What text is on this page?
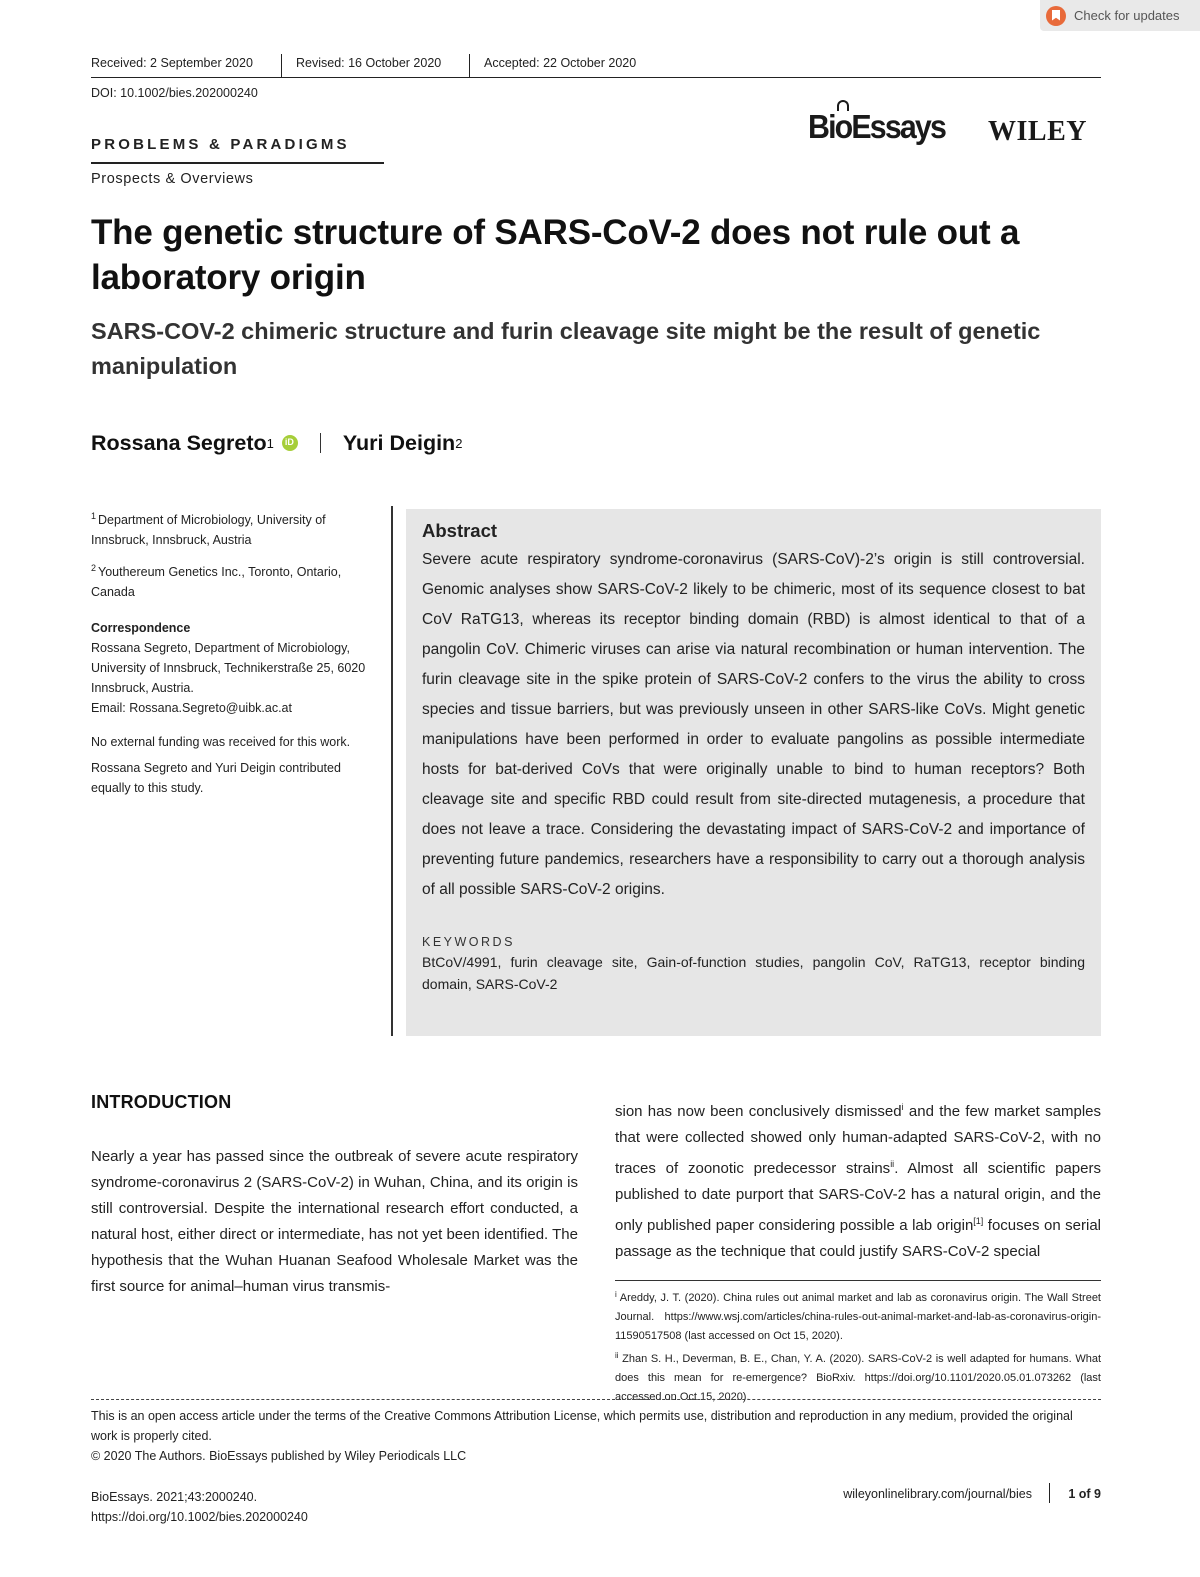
Check for updates
Received: 2 September 2020	Revised: 16 October 2020	Accepted: 22 October 2020
DOI: 10.1002/bies.202000240
PROBLEMS & PARADIGMS
Prospects & Overviews
BioEssays WILEY
The genetic structure of SARS-CoV-2 does not rule out a laboratory origin
SARS-COV-2 chimeric structure and furin cleavage site might be the result of genetic manipulation
Rossana Segreto 1
iD	Yuri Deigin 2
$^1$ Department of Microbiology, University of Innsbruck, Innsbruck, Austria
$^2$ Youthereum Genetics Inc., Toronto, Ontario, Canada
Correspondence
Rossana Segreto, Department of Microbiology, University of Innsbruck, Technikerstraße 25, 6020 Innsbruck, Austria.
Email: Rossana.Segreto@uibk.ac.at
No external funding was received for this work.
Rossana Segreto and Yuri Deigin contributed equally to this study.
Abstract
Severe acute respiratory syndrome-coronavirus (SARS-CoV)-2’s origin is still controversial. Genomic analyses show SARS-CoV-2 likely to be chimeric, most of its sequence closest to bat CoV RaTG13, whereas its receptor binding domain (RBD) is almost identical to that of a pangolin CoV. Chimeric viruses can arise via natural recombination or human intervention. The furin cleavage site in the spike protein of SARS-CoV-2 confers to the virus the ability to cross species and tissue barriers, but was previously unseen in other SARS-like CoVs. Might genetic manipulations have been performed in order to evaluate pangolins as possible intermediate hosts for bat-derived CoVs that were originally unable to bind to human receptors? Both cleavage site and specific RBD could result from site-directed mutagenesis, a procedure that does not leave a trace. Considering the devastating impact of SARS-CoV-2 and importance of preventing future pandemics, researchers have a responsibility to carry out a thorough analysis of all possible SARS-CoV-2 origins.
KEYWORDS
BtCoV/4991, furin cleavage site, Gain-of-function studies, pangolin CoV, RaTG13, receptor binding domain, SARS-CoV-2
INTRODUCTION
Nearly a year has passed since the outbreak of severe acute respiratory syndrome-coronavirus 2 (SARS-CoV-2) in Wuhan, China, and its origin is still controversial. Despite the international research effort conducted, a natural host, either direct or intermediate, has not yet been identified. The hypothesis that the Wuhan Huanan Seafood Wholesale Market was the first source for animal–human virus transmis-
sion has now been conclusively dismissed$^i$ and the few market samples that were collected showed only human-adapted SARS-CoV-2, with no traces of zoonotic predecessor strains$^{ii}$. Almost all scientific papers published to date purport that SARS-CoV-2 has a natural origin, and the only published paper considering possible a lab origin[1] focuses on serial passage as the technique that could justify SARS-CoV-2 special
$^i$ Areddy, J. T. (2020). China rules out animal market and lab as coronavirus origin. The Wall Street Journal. https://www.wsj.com/articles/china-rules-out-animal-market-and-lab-as-coronavirus-origin-11590517508 (last accessed on Oct 15, 2020).
$^{ii}$ Zhan S. H., Deverman, B. E., Chan, Y. A. (2020). SARS-CoV-2 is well adapted for humans. What does this mean for re-emergence? BioRxiv. https://doi.org/10.1101/2020.05.01.073262 (last accessed on Oct 15, 2020).
This is an open access article under the terms of the Creative Commons Attribution License, which permits use, distribution and reproduction in any medium, provided the original work is properly cited.
© 2020 The Authors. BioEssays published by Wiley Periodicals LLC
BioEssays. 2021;43:2000240.
https://doi.org/10.1002/bies.202000240
wileyonlinelibrary.com/journal/bies	1 of 9
